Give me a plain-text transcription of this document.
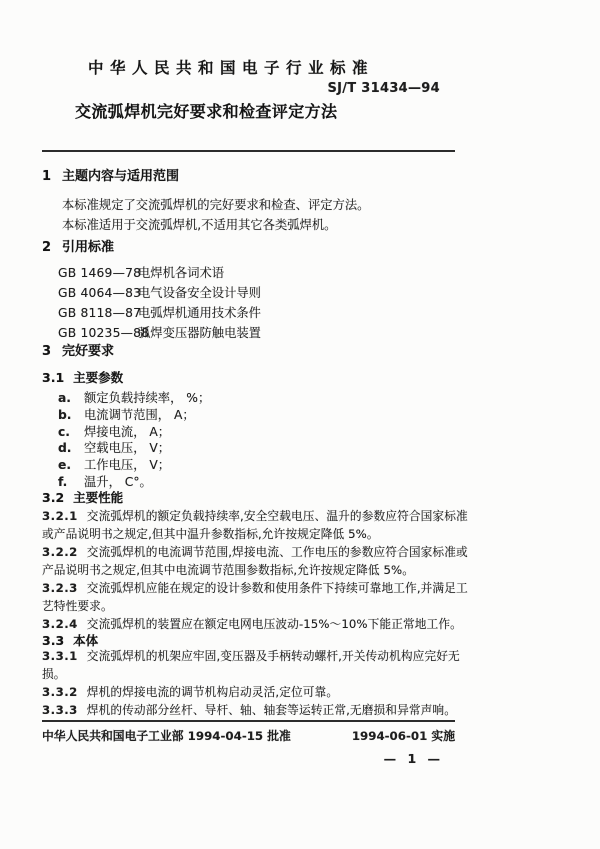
中华人民共和国电子行业标准
SJ/T 31434—94
交流弧焊机完好要求和检查评定方法
1 主题内容与适用范围
本标准规定了交流弧焊机的完好要求和检查、评定方法。
本标准适用于交流弧焊机,不适用其它各类弧焊机。
2 引用标准
GB 1469—78电焊机各词术语
GB 4064—83电气设备安全设计导则
GB 8118—87电弧焊机通用技术条件
GB 10235—88弧焊变压器防触电装置
3 完好要求
3.1 主要参数
a. 额定负载持续率， %；
b. 电流调节范围， A；
c. 焊接电流， A；
d. 空载电压， V；
e. 工作电压， V；
f. 温升， C°。
3.2 主要性能
3.2.1 交流弧焊机的额定负载持续率,安全空载电压、温升的参数应符合国家标准或产品说明书之规定,但其中温升参数指标,允许按规定降低 5%。
3.2.2 交流弧焊机的电流调节范围,焊接电流、工作电压的参数应符合国家标准或产品说明书之规定,但其中电流调节范围参数指标,允许按规定降低 5%。
3.2.3 交流弧焊机应能在规定的设计参数和使用条件下持续可靠地工作,并满足工艺特性要求。
3.2.4 交流弧焊机的装置应在额定电网电压波动-15%～10%下能正常地工作。
3.3 本体
3.3.1 交流弧焊机的机架应牢固,变压器及手柄转动螺杆,开关传动机构应完好无损。
3.3.2 焊机的焊接电流的调节机构启动灵活,定位可靠。
3.3.3 焊机的传动部分丝杆、导杆、轴、轴套等运转正常,无磨损和异常声响。
中华人民共和国电子工业部 1994-04-15 批准	1994-06-01 实施
— 1 —
